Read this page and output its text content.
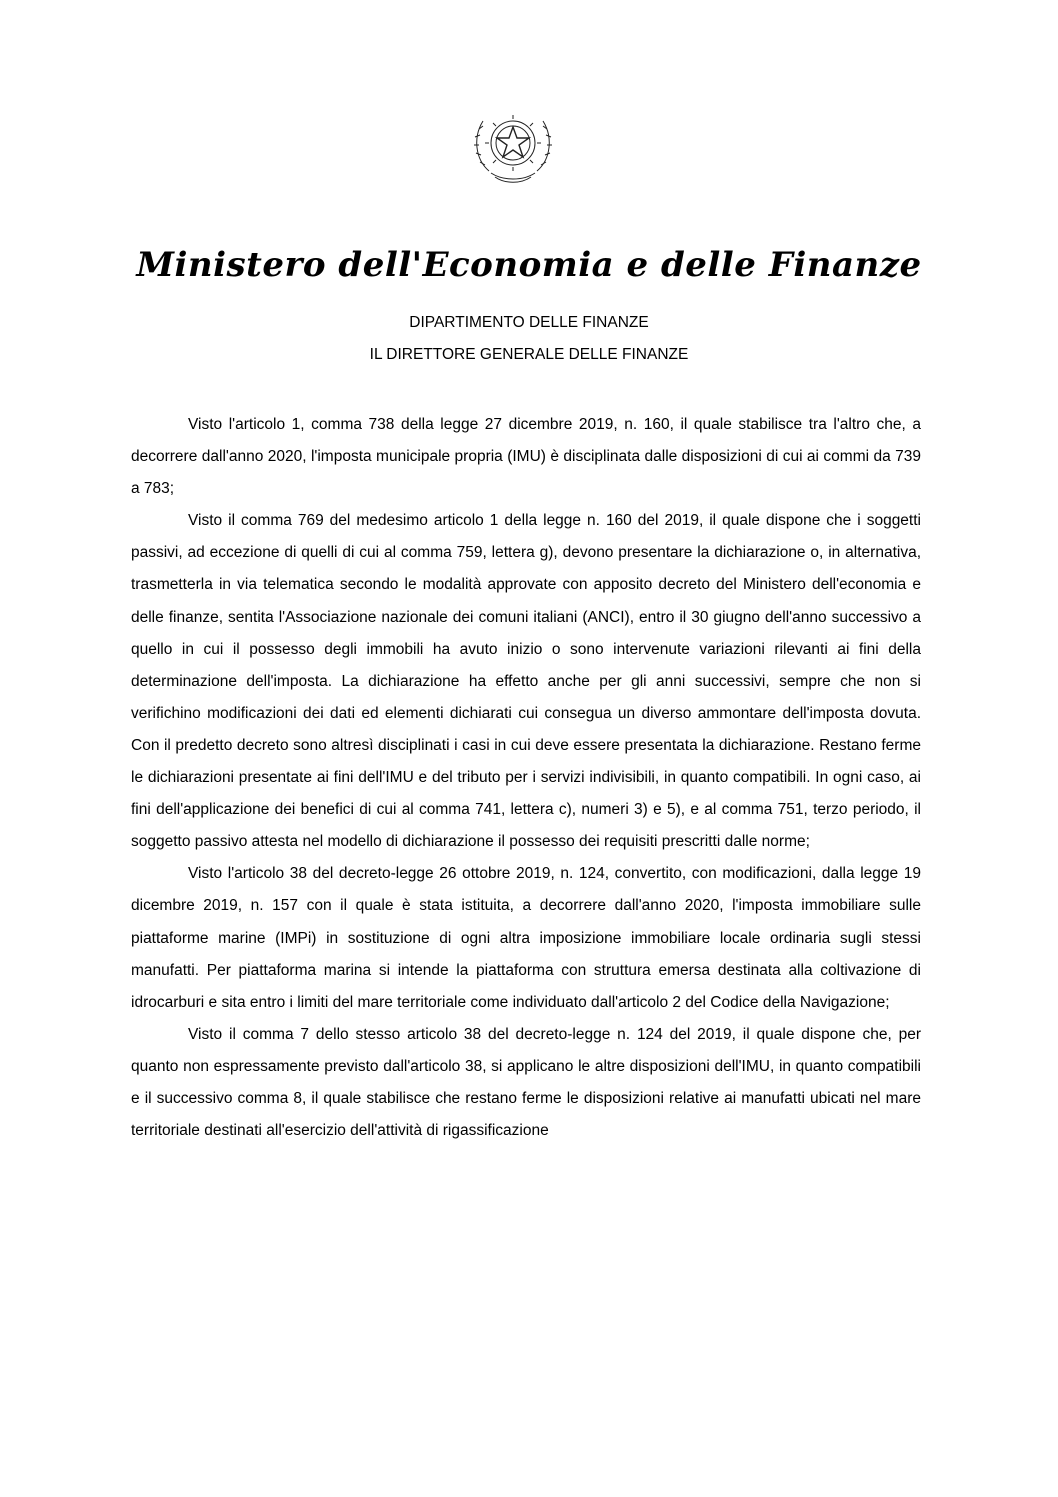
Ministero dell'Economia e delle Finanze
DIPARTIMENTO DELLE FINANZE
IL DIRETTORE GENERALE DELLE FINANZE

Visto l'articolo 1, comma 738 della legge 27 dicembre 2019, n. 160, il quale stabilisce tra l'altro che, a decorrere dall'anno 2020, l'imposta municipale propria (IMU) è disciplinata dalle disposizioni di cui ai commi da 739 a 783;

Visto il comma 769 del medesimo articolo 1 della legge n. 160 del 2019, il quale dispone che i soggetti passivi, ad eccezione di quelli di cui al comma 759, lettera g), devono presentare la dichiarazione o, in alternativa, trasmetterla in via telematica secondo le modalità approvate con apposito decreto del Ministero dell'economia e delle finanze, sentita l'Associazione nazionale dei comuni italiani (ANCI), entro il 30 giugno dell'anno successivo a quello in cui il possesso degli immobili ha avuto inizio o sono intervenute variazioni rilevanti ai fini della determinazione dell'imposta. La dichiarazione ha effetto anche per gli anni successivi, sempre che non si verifichino modificazioni dei dati ed elementi dichiarati cui consegua un diverso ammontare dell'imposta dovuta. Con il predetto decreto sono altresì disciplinati i casi in cui deve essere presentata la dichiarazione. Restano ferme le dichiarazioni presentate ai fini dell'IMU e del tributo per i servizi indivisibili, in quanto compatibili. In ogni caso, ai fini dell'applicazione dei benefici di cui al comma 741, lettera c), numeri 3) e 5), e al comma 751, terzo periodo, il soggetto passivo attesta nel modello di dichiarazione il possesso dei requisiti prescritti dalle norme;

Visto l'articolo 38 del decreto-legge 26 ottobre 2019, n. 124, convertito, con modificazioni, dalla legge 19 dicembre 2019, n. 157 con il quale è stata istituita, a decorrere dall'anno 2020, l'imposta immobiliare sulle piattaforme marine (IMPi) in sostituzione di ogni altra imposizione immobiliare locale ordinaria sugli stessi manufatti. Per piattaforma marina si intende la piattaforma con struttura emersa destinata alla coltivazione di idrocarburi e sita entro i limiti del mare territoriale come individuato dall'articolo 2 del Codice della Navigazione;

Visto il comma 7 dello stesso articolo 38 del decreto-legge n. 124 del 2019, il quale dispone che, per quanto non espressamente previsto dall'articolo 38, si applicano le altre disposizioni dell'IMU, in quanto compatibili e il successivo comma 8, il quale stabilisce che restano ferme le disposizioni relative ai manufatti ubicati nel mare territoriale destinati all'esercizio dell'attività di rigassificazione
